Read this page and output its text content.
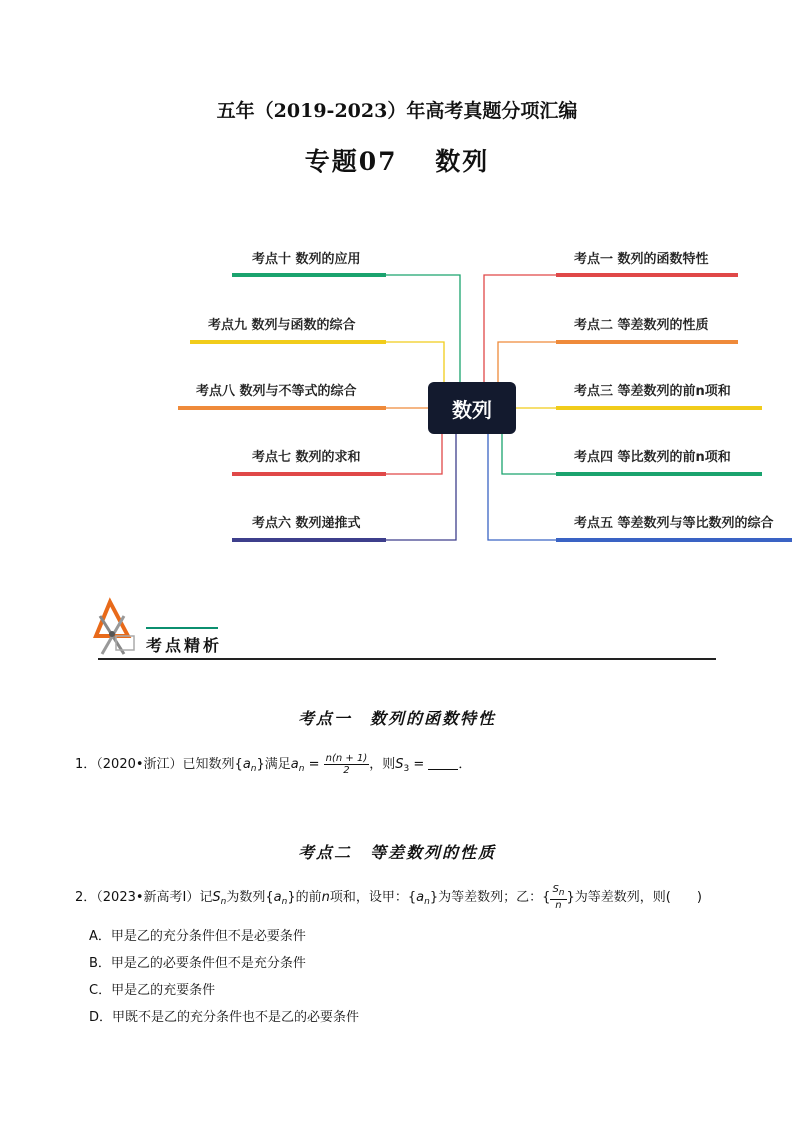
五年（2019-2023）年高考真题分项汇编
专题07　 数列
数列
考点十 数列的应用
考点九 数列与函数的综合
考点八 数列与不等式的综合
考点七 数列的求和
考点六 数列递推式
考点一 数列的函数特性
考点二 等差数列的性质
考点三 等差数列的前n项和
考点四 等比数列的前n项和
考点五 等差数列与等比数列的综合
考点精析
考点一　数列的函数特性
1．（2020•浙江）已知数列$\{a_n\}$满足$a_n = \frac{n(n + 1)}{2}$ ，则$S_3$ = ．
考点二　等差数列的性质
2．（2023•新高考Ⅰ）记$S_n$为数列$\{a_n\}$的前n项和，设甲：$\{a_n\}$为等差数列；乙：{ $\frac{Sn}{n}$ }为等差数列，则(　　)
A．甲是乙的充分条件但不是必要条件
B．甲是乙的必要条件但不是充分条件
C．甲是乙的充要条件
D．甲既不是乙的充分条件也不是乙的必要条件
